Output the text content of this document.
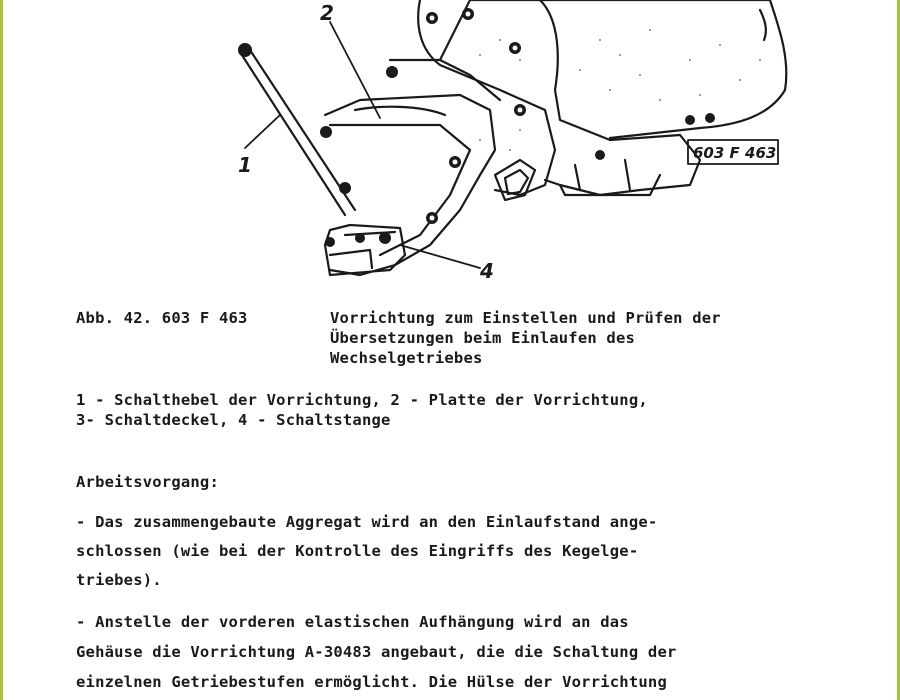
1
2
4
603 F 463
Abb. 42. 603 F 463	Vorrichtung zum Einstellen und Prüfen der
Übersetzungen beim Einlaufen des
Wechselgetriebes
1 - Schalthebel der Vorrichtung, 2 - Platte der Vorrichtung,
3- Schaltdeckel, 4 - Schaltstange
Arbeitsvorgang:
- Das zusammengebaute Aggregat wird an den Einlaufstand ange-
schlossen (wie bei der Kontrolle des Eingriffs des Kegelge-
triebes).
- Anstelle der vorderen elastischen Aufhängung wird an das
Gehäuse die Vorrichtung A-30483 angebaut, die die Schaltung der
einzelnen Getriebestufen ermöglicht. Die Hülse der Vorrichtung
